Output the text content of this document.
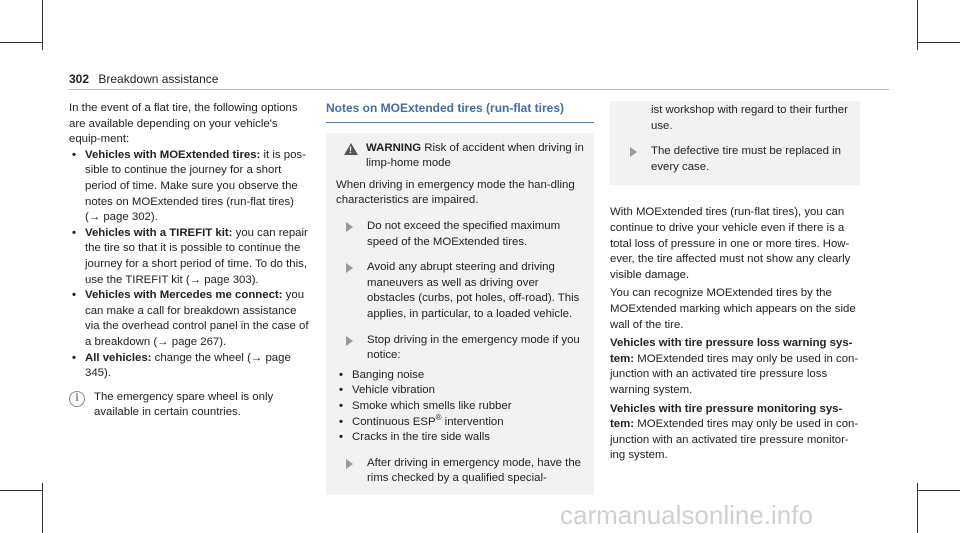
302 Breakdown assistance

In the event of a flat tire, the following options are available depending on your vehicle's equip-ment:

• Vehicles with MOExtended tires: it is pos-sible to continue the journey for a short period of time. Make sure you observe the notes on MOExtended tires (run-flat tires) (→ page 302).
• Vehicles with a TIREFIT kit: you can repair the tire so that it is possible to continue the journey for a short period of time. To do this, use the TIREFIT kit (→ page 303).
• Vehicles with Mercedes me connect: you can make a call for breakdown assistance via the overhead control panel in the case of a breakdown (→ page 267).
• All vehicles: change the wheel (→ page 345).
i	The emergency spare wheel is only available in certain countries.
Notes on MOExtended tires (run-flat tires)
! WARNING Risk of accident when driving in limp-home mode

When driving in emergency mode the han-dling characteristics are impaired.

Do not exceed the specified maximum speed of the MOExtended tires.
Avoid any abrupt steering and driving maneuvers as well as driving over obstacles (curbs, pot holes, off-road). This applies, in particular, to a loaded vehicle.
Stop driving in the emergency mode if you notice:
• Banging noise
• Vehicle vibration
• Smoke which smells like rubber
• Continuous ESP® intervention
• Cracks in the tire side walls
After driving in emergency mode, have the rims checked by a qualified special-
ist workshop with regard to their further use.
The defective tire must be replaced in every case.

With MOExtended tires (run-flat tires), you can continue to drive your vehicle even if there is a total loss of pressure in one or more tires. How-ever, the tire affected must not show any clearly visible damage.

You can recognize MOExtended tires by the MOExtended marking which appears on the side wall of the tire.

Vehicles with tire pressure loss warning sys-tem: MOExtended tires may only be used in con-junction with an activated tire pressure loss warning system.

Vehicles with tire pressure monitoring sys-tem: MOExtended tires may only be used in con-junction with an activated tire pressure monitor-ing system.

carmanualsonline.info
